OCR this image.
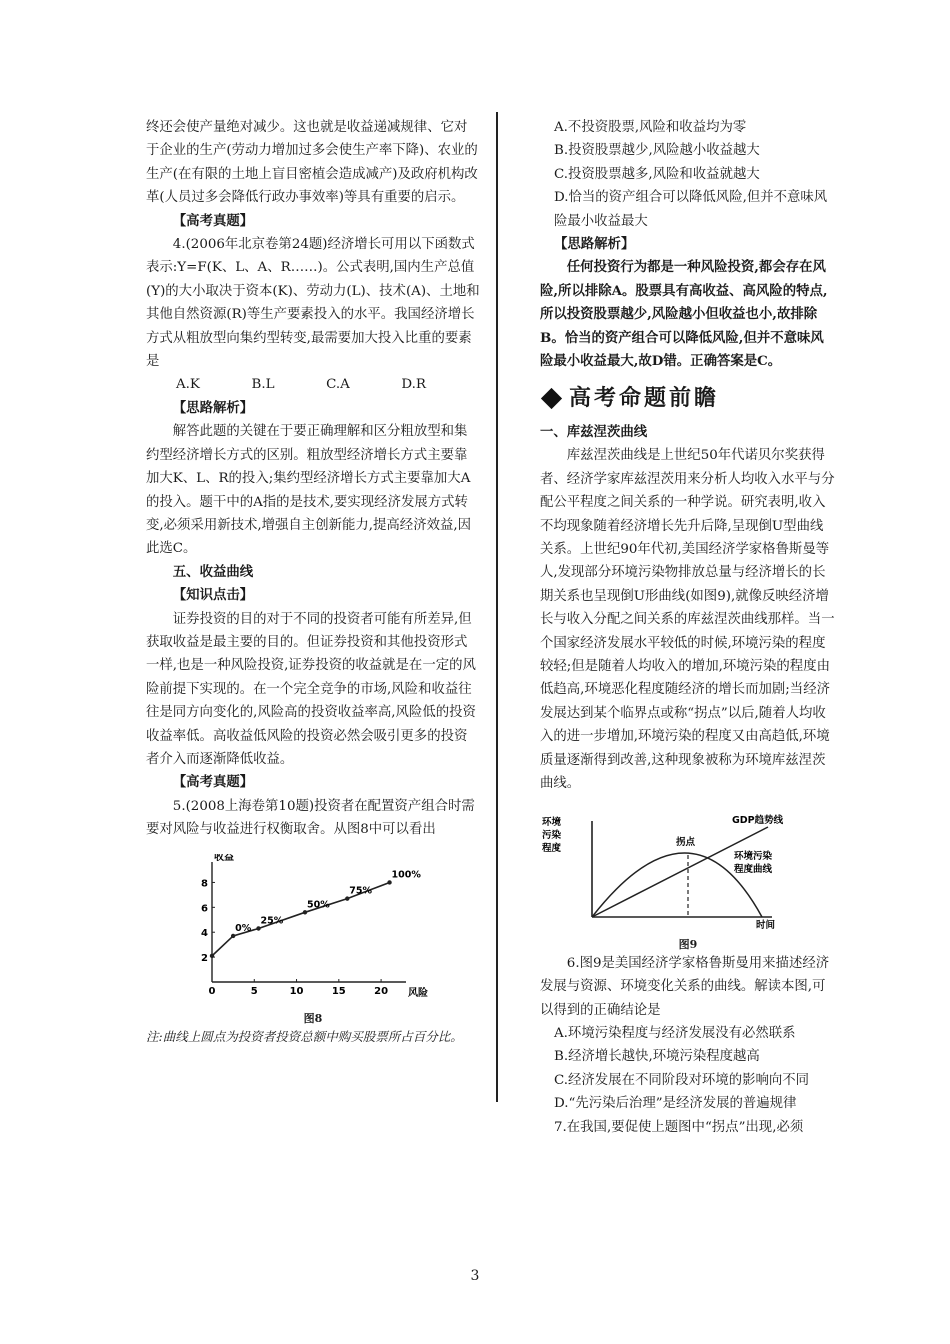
终还会使产量绝对减少。这也就是收益递减规律、它对于企业的生产(劳动力增加过多会使生产率下降)、农业的生产(在有限的土地上盲目密植会造成减产)及政府机构改革(人员过多会降低行政办事效率)等具有重要的启示。

【高考真题】

4.(2006年北京卷第24题)经济增长可用以下函数式表示:Y=F(K、L、A、R……)。公式表明,国内生产总值(Y)的大小取决于资本(K)、劳动力(L)、技术(A)、土地和其他自然资源(R)等生产要素投入的水平。我国经济增长方式从粗放型向集约型转变,最需要加大投入比重的要素是

A.K	B.L	C.A	D.R

【思路解析】

解答此题的关键在于要正确理解和区分粗放型和集约型经济增长方式的区别。粗放型经济增长方式主要靠加大K、L、R的投入;集约型经济增长方式主要靠加大A的投入。题干中的A指的是技术,要实现经济发展方式转变,必须采用新技术,增强自主创新能力,提高经济效益,因此选C。

五、收益曲线

【知识点击】

证券投资的目的对于不同的投资者可能有所差异,但获取收益是最主要的目的。但证券投资和其他投资形式一样,也是一种风险投资,证券投资的收益就是在一定的风险前提下实现的。在一个完全竞争的市场,风险和收益往往是同方向变化的,风险高的投资收益率高,风险低的投资收益率低。高收益低风险的投资必然会吸引更多的投资者介入而逐渐降低收益。

【高考真题】

5.(2008上海卷第10题)投资者在配置资产组合时需要对风险与收益进行权衡取舍。从图8中可以看出

收益
风险
0	5	10	15	20
2
4
6
8
0%
25%
50%
75%
100%
图8

注:曲线上圆点为投资者投资总额中购买股票所占百分比。

A.不投资股票,风险和收益均为零

B.投资股票越少,风险越小收益越大

C.投资股票越多,风险和收益就越大

D.恰当的资产组合可以降低风险,但并不意味风险最小收益最大

【思路解析】

任何投资行为都是一种风险投资,都会存在风险,所以排除A。股票具有高收益、高风险的特点,所以投资股票越少,风险越小但收益也小,故排除B。恰当的资产组合可以降低风险,但并不意味风险最小收益最大,故D错。正确答案是C。

高考命题前瞻

一、库兹涅茨曲线

库兹涅茨曲线是上世纪50年代诺贝尔奖获得者、经济学家库兹涅茨用来分析人均收入水平与分配公平程度之间关系的一种学说。研究表明,收入不均现象随着经济增长先升后降,呈现倒U型曲线关系。上世纪90年代初,美国经济学家格鲁斯曼等人,发现部分环境污染物排放总量与经济增长的长期关系也呈现倒U形曲线(如图9),就像反映经济增长与收入分配之间关系的库兹涅茨曲线那样。当一个国家经济发展水平较低的时候,环境污染的程度较轻;但是随着人均收入的增加,环境污染的程度由低趋高,环境恶化程度随经济的增长而加剧;当经济发展达到某个临界点或称“拐点”以后,随着人均收入的进一步增加,环境污染的程度又由高趋低,环境质量逐渐得到改善,这种现象被称为环境库兹涅茨曲线。

环境
污染
程度
时间
GDP趋势线
环境污染
程度曲线
拐点
图9

6.图9是美国经济学家格鲁斯曼用来描述经济发展与资源、环境变化关系的曲线。解读本图,可以得到的正确结论是

A.环境污染程度与经济发展没有必然联系

B.经济增长越快,环境污染程度越高

C.经济发展在不同阶段对环境的影响向不同

D.“先污染后治理”是经济发展的普遍规律

7.在我国,要促使上题图中“拐点”出现,必须

3
